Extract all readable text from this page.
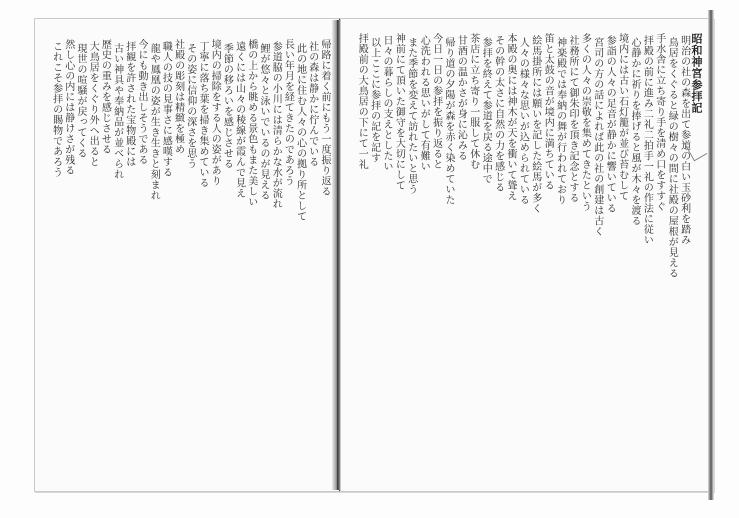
帰路に着く前にもう一度振り返る
社の森は静かに佇んでいる
此の地に住む人々の心の拠り所として
長い年月を経てきたのであろう
参道脇の小川には清らかな水が流れ
鯉が悠々と泳いでいるのが見える
橋の上から眺める景色もまた美しい
遠くには山々の稜線が霞んで見え
季節の移ろいを感じさせる
境内の掃除をする人の姿があり
丁寧に落ち葉を掃き集めている
その姿に信仰の深さを思う
社殿の彫刻は精緻を極め
職人の技の見事さに感嘆する
龍や鳳凰の姿が生き生きと刻まれ
今にも動き出しそうである
拝観を許された宝物殿には
古い神具や奉納品が並べられ
歴史の重みを感じさせる
大鳥居をくぐり外へ出ると
現世の喧騒が戻ってくる
然し心の内には静けさが残る
これこそ参拝の賜物であろう	昭和神宮参拝記
明治の社の森を出て参道の白い玉砂利を踏み
鳥居をくぐると緑の樹々の間に社殿の屋根が見える
手水舎に立ち寄り手を清め口をすすぐ
拝殿の前に進み二礼二拍手一礼の作法に従い
心静かに祈りを捧げると風が木々を渡る
境内には古い石灯籠が並び苔むして
参詣の人々の足音が静かに響いている
宮司の方の話によれば此の社の創建は古く
多くの人々の崇敬を集めてきたという
社務所にて御朱印を頂き記念とする
神楽殿では奉納の舞が行われており
笛と太鼓の音が境内に満ちている
絵馬掛所には願いを記した絵馬が多く
人々の様々な思いが込められている
本殿の奥には神木が天を衝いて聳え
その幹の太さに自然の力を感じる
参拝を終えて参道を戻る途中で
茶店に立ち寄り一服して休む
甘酒の温かさが身に沁みる
帰り道の夕陽が森を赤く染めていた
今日一日の参拝を振り返ると
心洗われる思いがして有難い
また季節を変えて訪れたいと思う
神前にて頂いた御守を大切にして
日々の暮らしの支えとしたい
以上ここに参拝の記を記す
拝殿前の大鳥居の下にて一礼
